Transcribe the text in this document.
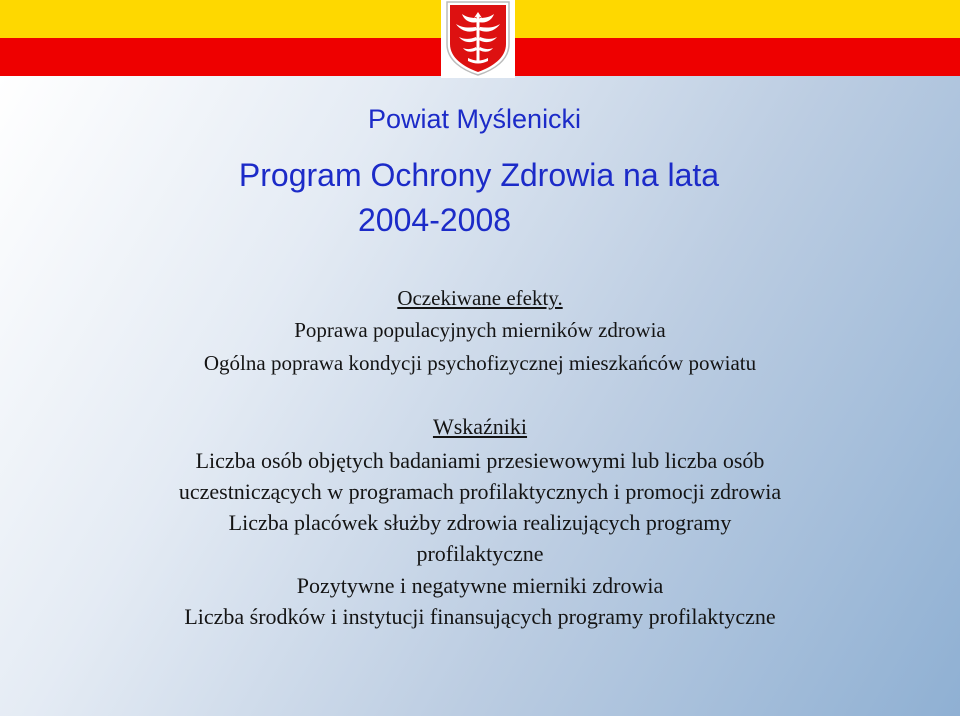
Powiat Myślenicki
Program Ochrony Zdrowia na lata
2004-2008
Oczekiwane efekty.
Poprawa populacyjnych mierników zdrowia
Ogólna poprawa kondycji psychofizycznej mieszkańców powiatu
Wskaźniki
Liczba osób objętych badaniami przesiewowymi lub liczba osób
uczestniczących w programach profilaktycznych i promocji zdrowia
Liczba placówek służby zdrowia realizujących programy
profilaktyczne
Pozytywne i negatywne mierniki zdrowia
Liczba środków i instytucji finansujących programy profilaktyczne
